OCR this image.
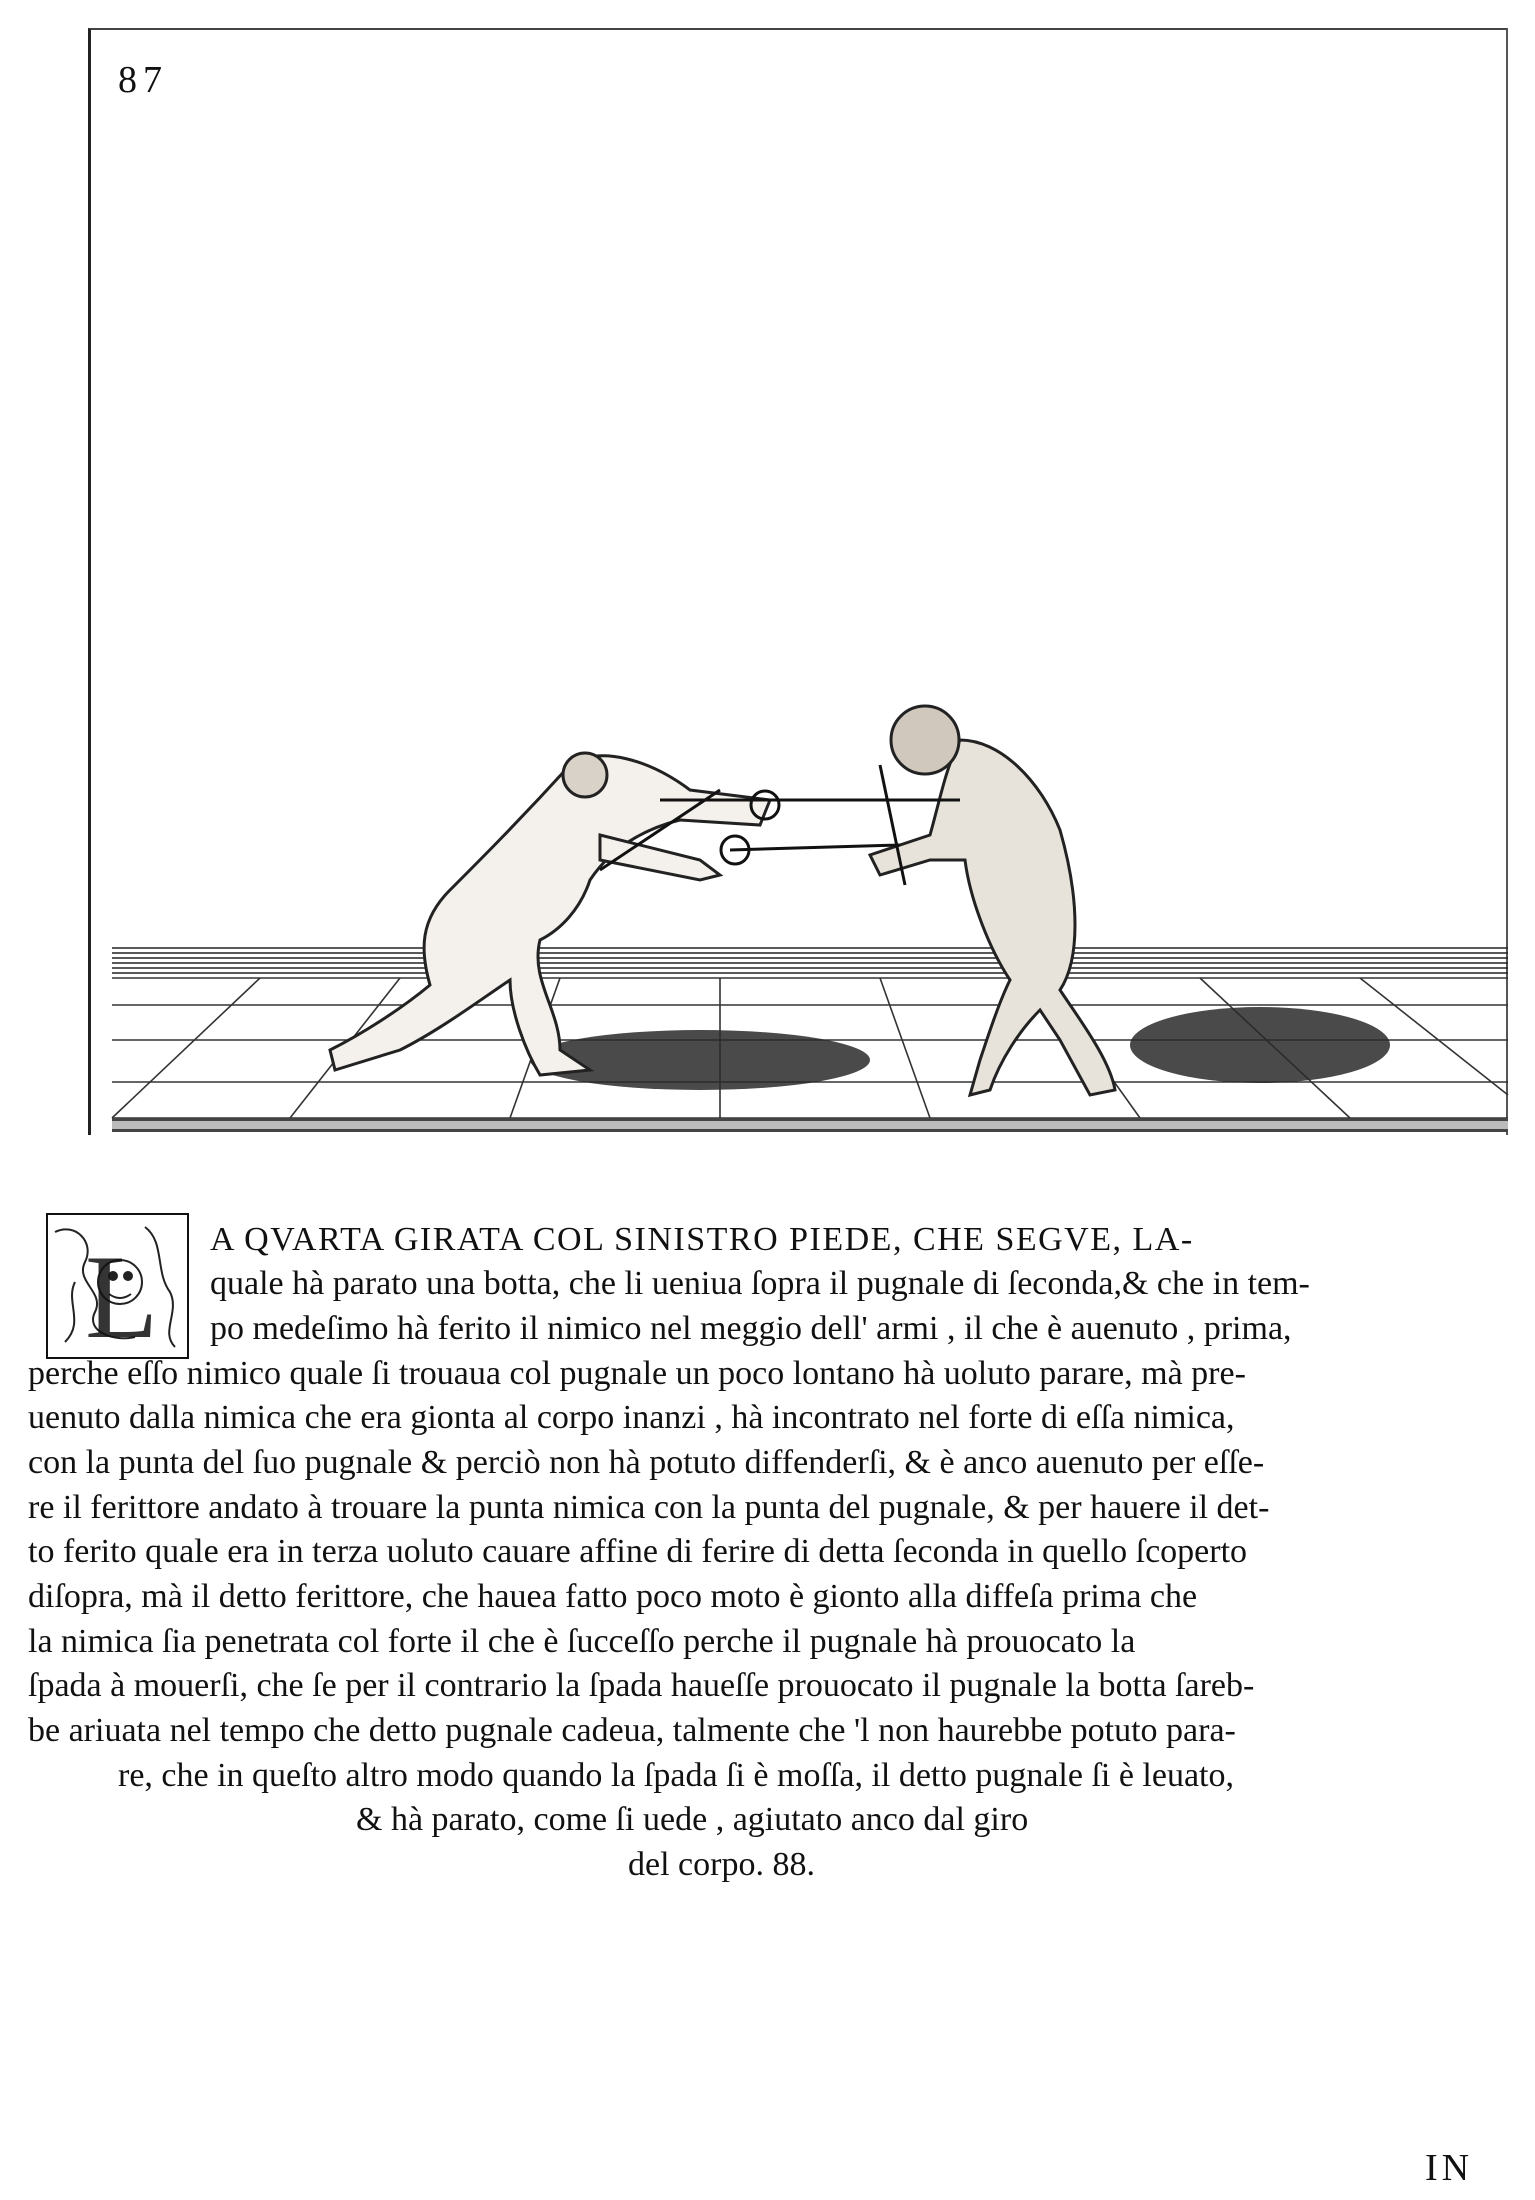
87
L A QVARTA GIRATA COL SINISTRO PIEDE, CHE SEGVE, LA-
quale hà parato una botta, che li ueniua ſopra il pugnale di ſeconda,& che in tem-
po medeſimo hà ferito il nimico nel meggio dell' armi , il che è auenuto , prima,
perche eſſo nimico quale ſi trouaua col pugnale un poco lontano hà uoluto parare, mà pre-
uenuto dalla nimica che era gionta al corpo inanzi , hà incontrato nel forte di eſſa nimica,
con la punta del ſuo pugnale & perciò non hà potuto diffenderſi, & è anco auenuto per eſſe-
re il ferittore andato à trouare la punta nimica con la punta del pugnale, & per hauere il det-
to ferito quale era in terza uoluto cauare affine di ferire di detta ſeconda in quello ſcoperto
diſopra, mà il detto ferittore, che hauea fatto poco moto è gionto alla diffeſa prima che
la nimica ſia penetrata col forte il che è ſucceſſo perche il pugnale hà prouocato la
ſpada à mouerſi, che ſe per il contrario la ſpada haueſſe prouocato il pugnale la botta ſareb-
be ariuata nel tempo che detto pugnale cadeua, talmente che 'l non haurebbe potuto para-
re, che in queſto altro modo quando la ſpada ſi è moſſa, il detto pugnale ſi è leuato,
& hà parato, come ſi uede , agiutato anco dal giro
del corpo. 88.
IN
